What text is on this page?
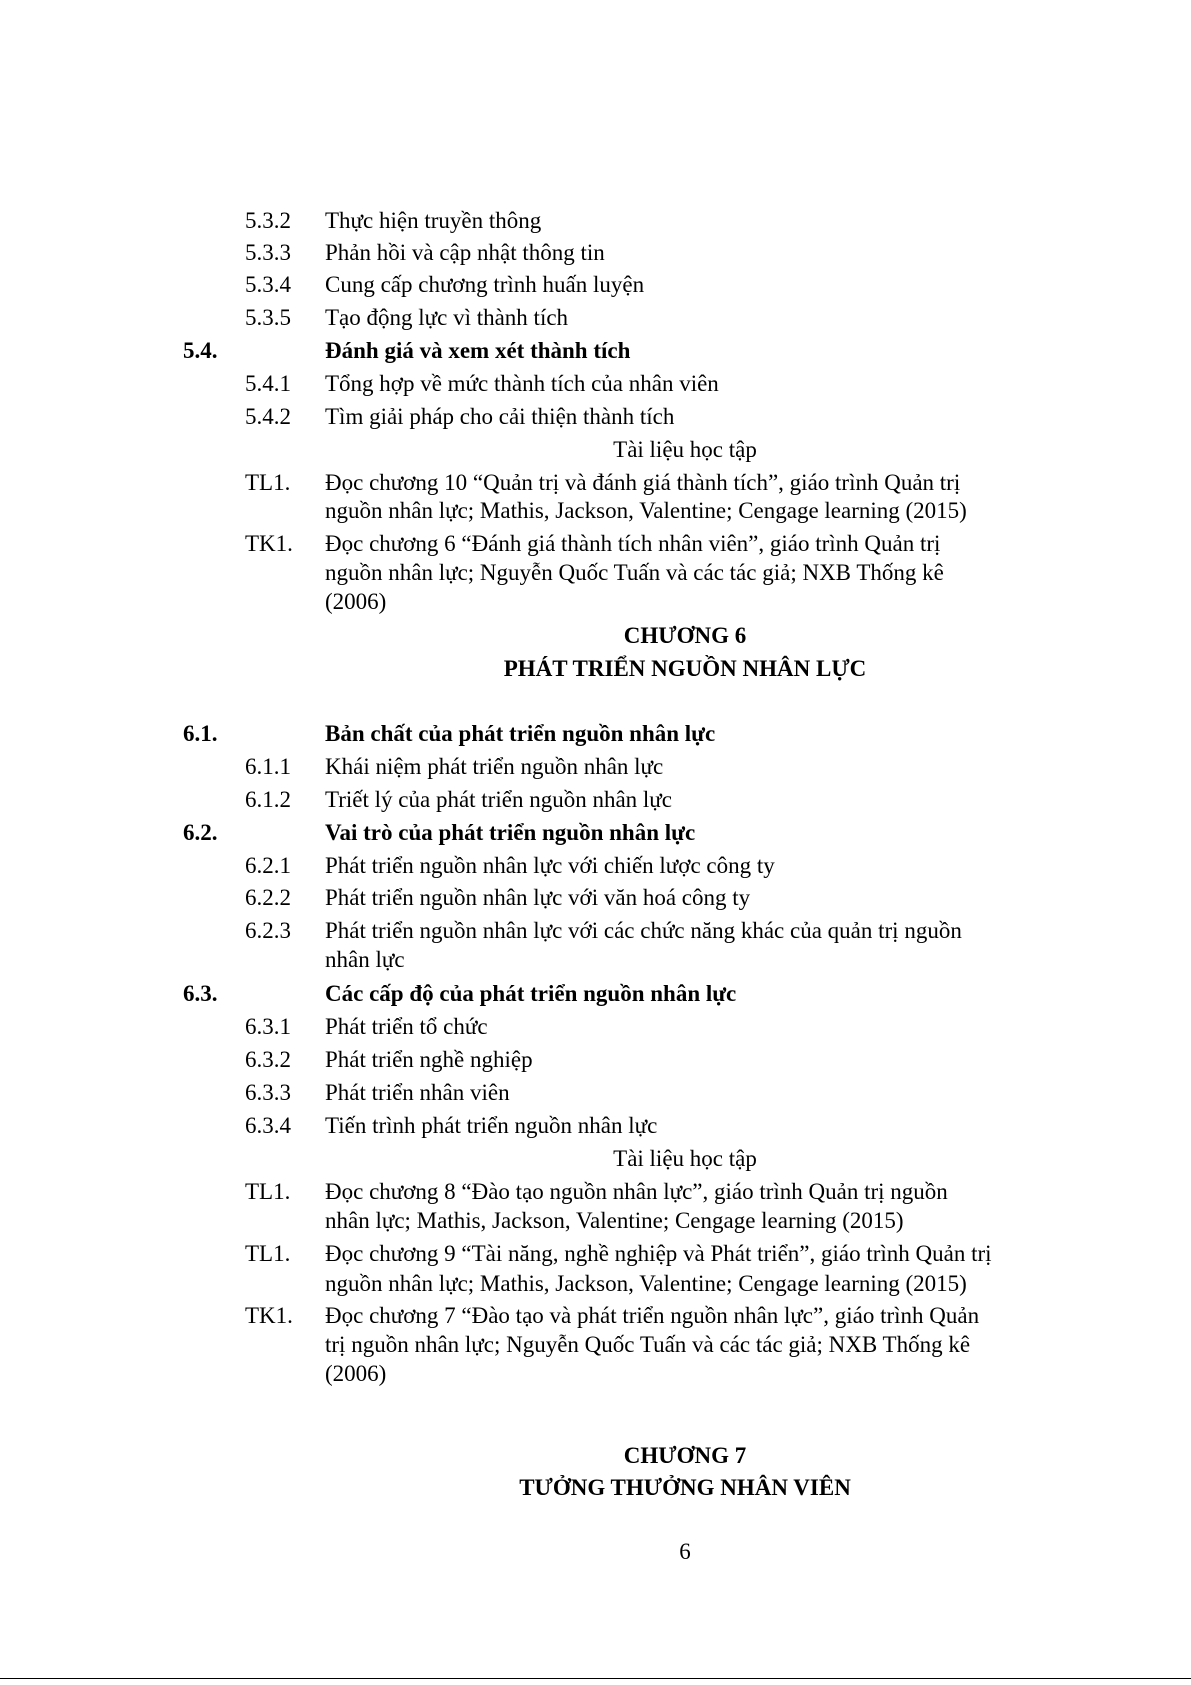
5.3.2 Thực hiện truyền thông
5.3.3 Phản hồi và cập nhật thông tin
5.3.4 Cung cấp chương trình huấn luyện
5.3.5 Tạo động lực vì thành tích
5.4.	Đánh giá và xem xét thành tích
5.4.1 Tổng hợp về mức thành tích của nhân viên
5.4.2 Tìm giải pháp cho cải thiện thành tích
Tài liệu học tập
TL1. Đọc chương 10 “Quản trị và đánh giá thành tích”, giáo trình Quản trị
nguồn nhân lực; Mathis, Jackson, Valentine; Cengage learning (2015)
TK1. Đọc chương 6 “Đánh giá thành tích nhân viên”, giáo trình Quản trị
nguồn nhân lực; Nguyễn Quốc Tuấn và các tác giả; NXB Thống kê
(2006)
CHƯƠNG 6
PHÁT TRIỂN NGUỒN NHÂN LỰC
6.1.	Bản chất của phát triển nguồn nhân lực
6.1.1 Khái niệm phát triển nguồn nhân lực
6.1.2 Triết lý của phát triển nguồn nhân lực
6.2.	Vai trò của phát triển nguồn nhân lực
6.2.1 Phát triển nguồn nhân lực với chiến lược công ty
6.2.2 Phát triển nguồn nhân lực với văn hoá công ty
6.2.3 Phát triển nguồn nhân lực với các chức năng khác của quản trị nguồn
nhân lực
6.3.	Các cấp độ của phát triển nguồn nhân lực
6.3.1 Phát triển tổ chức
6.3.2 Phát triển nghề nghiệp
6.3.3 Phát triển nhân viên
6.3.4 Tiến trình phát triển nguồn nhân lực
Tài liệu học tập
TL1. Đọc chương 8 “Đào tạo nguồn nhân lực”, giáo trình Quản trị nguồn
nhân lực; Mathis, Jackson, Valentine; Cengage learning (2015)
TL1. Đọc chương 9 “Tài năng, nghề nghiệp và Phát triển”, giáo trình Quản trị
nguồn nhân lực; Mathis, Jackson, Valentine; Cengage learning (2015)
TK1. Đọc chương 7 “Đào tạo và phát triển nguồn nhân lực”, giáo trình Quản
trị nguồn nhân lực; Nguyễn Quốc Tuấn và các tác giả; NXB Thống kê
(2006)
CHƯƠNG 7
TƯỞNG THƯỞNG NHÂN VIÊN
6
